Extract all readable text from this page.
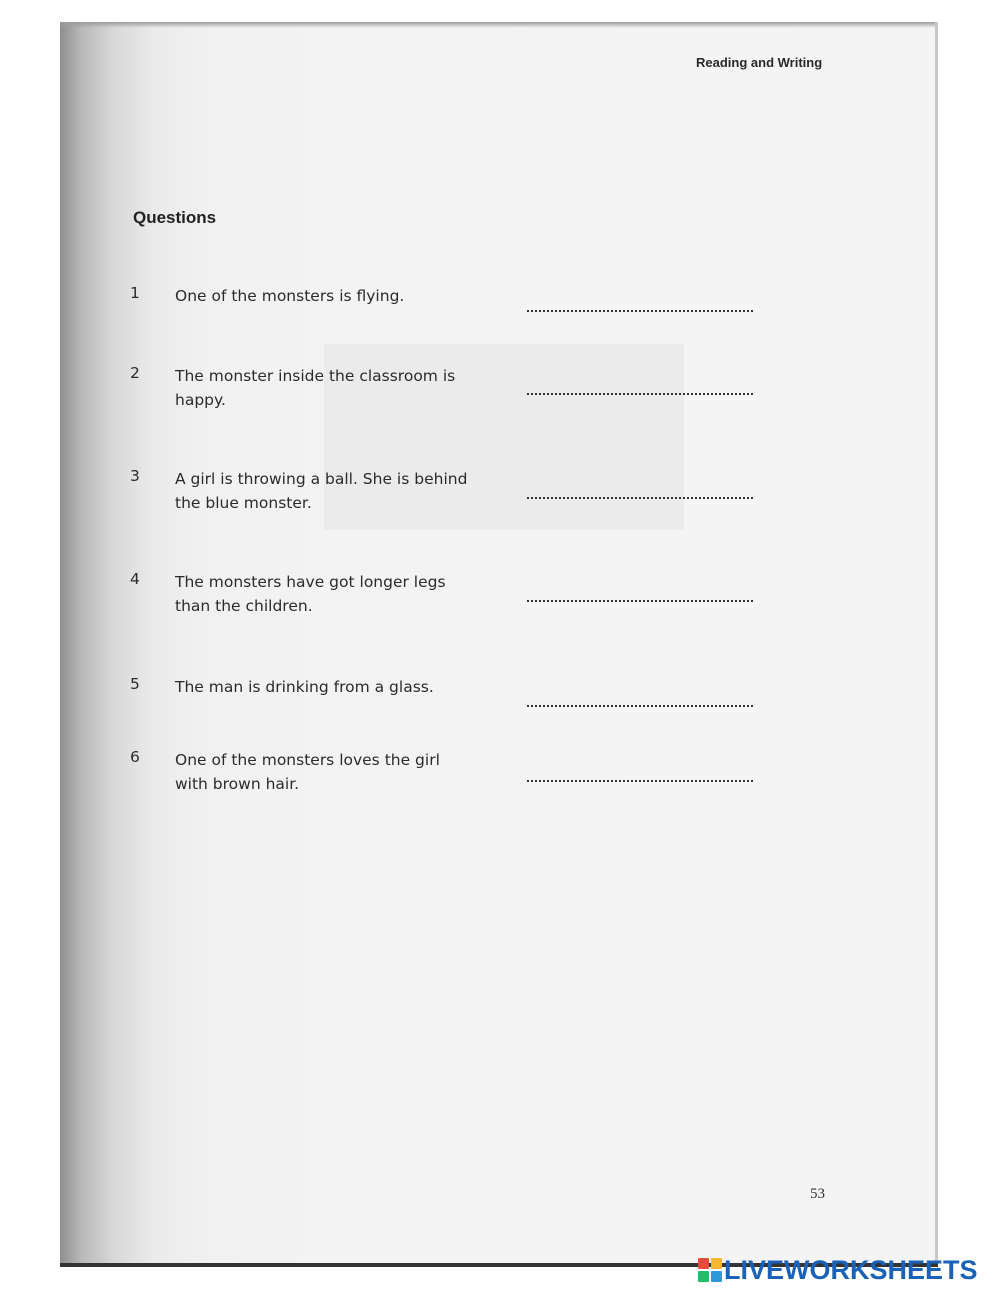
Reading and Writing
Questions
1	One of the monsters is flying.
2	The monster inside the classroom is happy.
3	A girl is throwing a ball. She is behind the blue monster.
4	The monsters have got longer legs than the children.
5	The man is drinking from a glass.
6	One of the monsters loves the girl with brown hair.
53
LIVEWORKSHEETS
